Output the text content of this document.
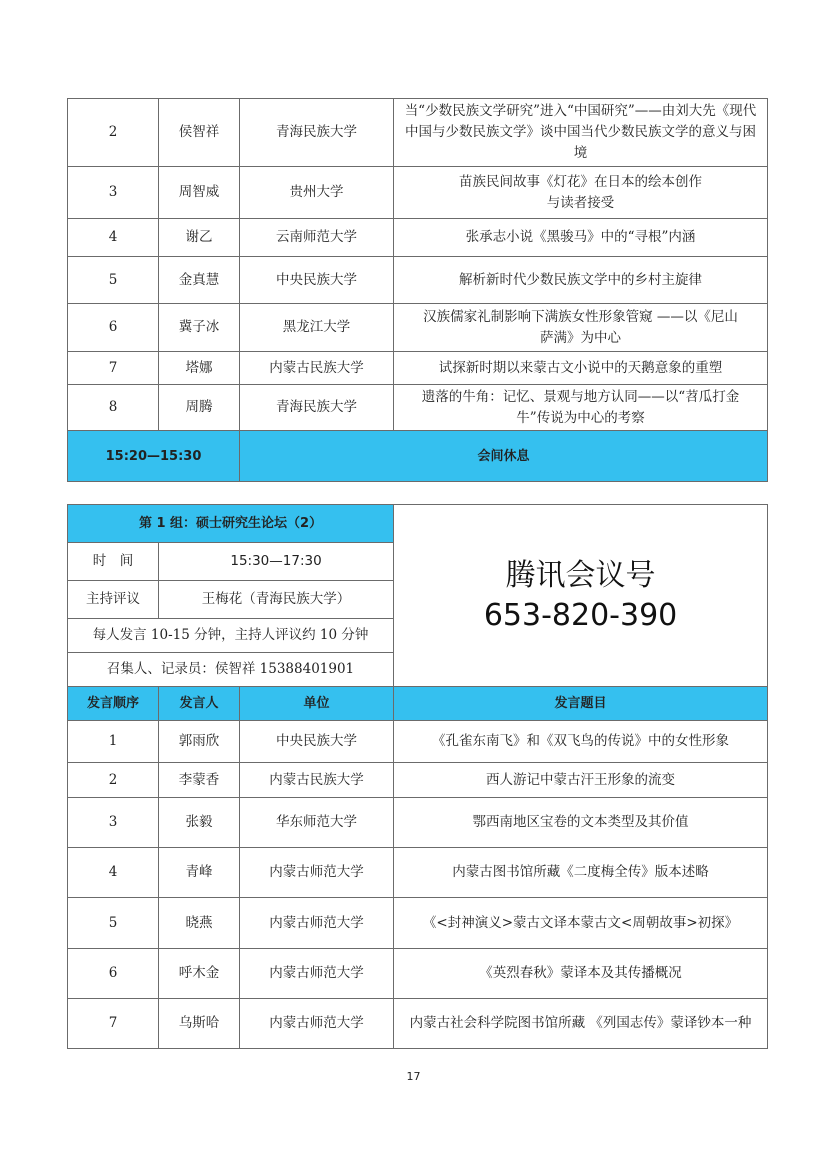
2	侯智祥	青海民族大学	当“少数民族文学研究”进入“中国研究”——由刘大先《现代中国与少数民族文学》谈中国当代少数民族文学的意义与困境
3	周智威	贵州大学	苗族民间故事《灯花》在日本的绘本创作与读者接受
4	谢乙	云南师范大学	张承志小说《黑骏马》中的“寻根”内涵
5	金真慧	中央民族大学	解析新时代少数民族文学中的乡村主旋律
6	冀子冰	黑龙江大学	汉族儒家礼制影响下满族女性形象管窥 ——以《尼山萨满》为中心
7	塔娜	内蒙古民族大学	试探新时期以来蒙古文小说中的天鹅意象的重塑
8	周腾	青海民族大学	遗落的牛角：记忆、景观与地方认同——以“苕瓜打金牛”传说为中心的考察
15:20—15:30		会间休息	
第 1 组：硕士研究生论坛（2）			腾讯会议号
653-820-390

时　间	15:30—17:30		
主持评议	王梅花（青海民族大学）		
每人发言 10-15 分钟，主持人评议约 10 分钟			
召集人、记录员：侯智祥 15388401901			
发言顺序	发言人	单位	发言题目
1	郭雨欣	中央民族大学	《孔雀东南飞》和《双飞鸟的传说》中的女性形象
2	李蒙香	内蒙古民族大学	西人游记中蒙古汗王形象的流变
3	张毅	华东师范大学	鄂西南地区宝卷的文本类型及其价值
4	青峰	内蒙古师范大学	内蒙古图书馆所藏《二度梅全传》版本述略
5	晓燕	内蒙古师范大学	《<封神演义>蒙古文译本蒙古文<周朝故事>初探》
6	呼木金	内蒙古师范大学	《英烈春秋》蒙译本及其传播概况
7	乌斯哈	内蒙古师范大学	内蒙古社会科学院图书馆所藏 《列国志传》蒙译钞本一种
17
